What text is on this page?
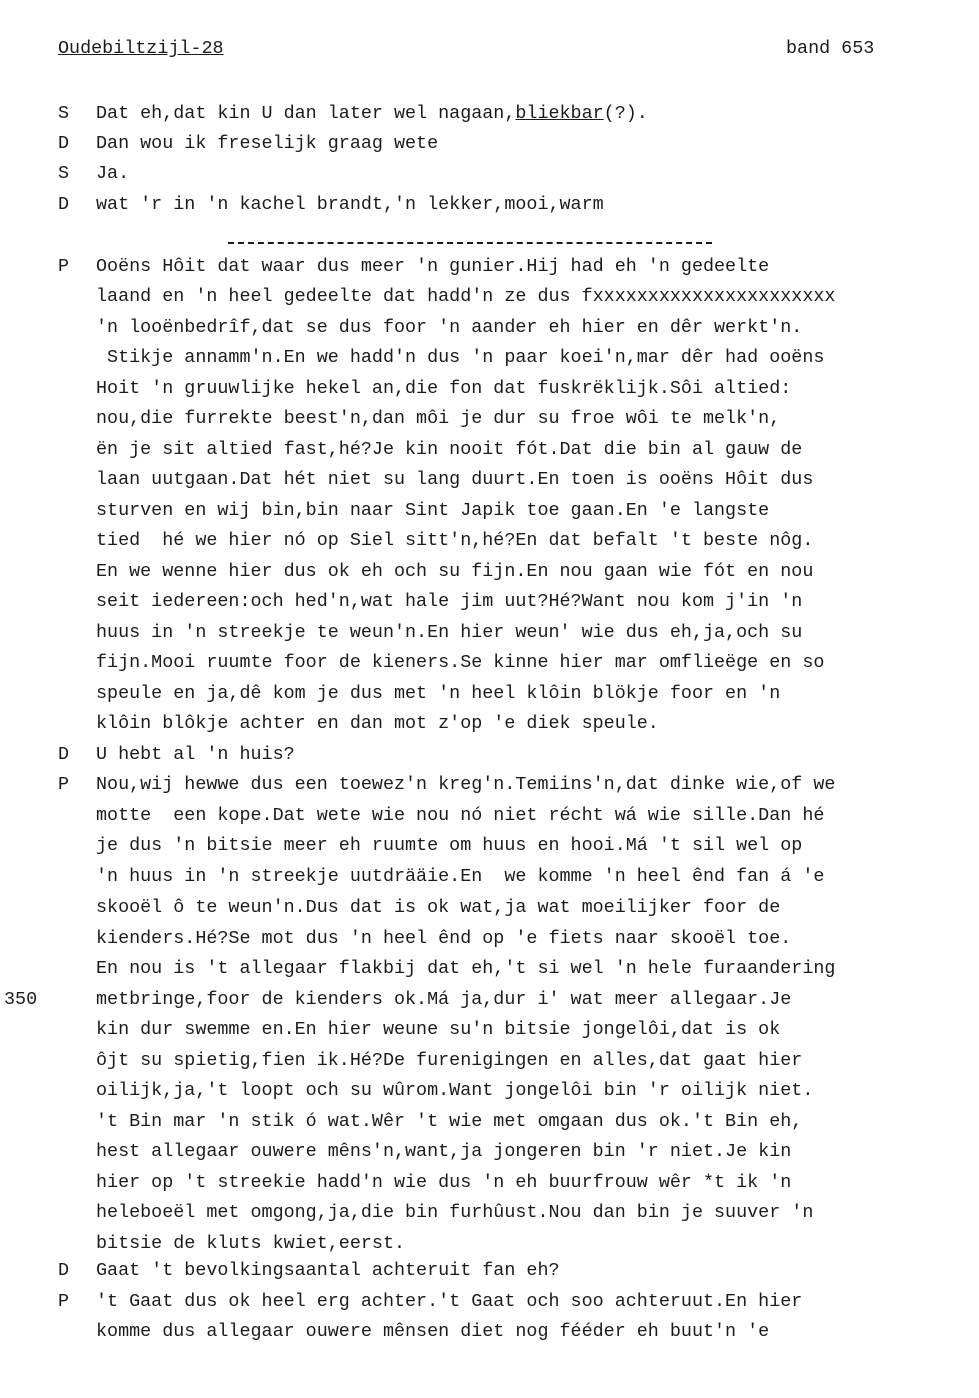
Oudebiltzijl-28	band 653
S Dat eh,dat kin U dan later wel nagaan,bliekbar(?).
D Dan wou ik freselijk graag wete
S Ja.
D wat 'r in 'n kachel brandt,'n lekker,mooi,warm
P Ooëns Hôit dat waar dus meer 'n gunier.Hij had eh 'n gedeelte
laand en 'n heel gedeelte dat hadd'n ze dus fxxxxxxxxxxxxxxxxxxxxxx
'n looënbedrîf,dat se dus foor 'n aander eh hier en dêr werkt'n.
Stikje annamm'n.En we hadd'n dus 'n paar koei'n,mar dêr had ooëns
Hoit 'n gruuwlijke hekel an,die fon dat fuskrëklijk.Sôi altied:
nou,die furrekte beest'n,dan môi je dur su froe wôi te melk'n,
ën je sit altied fast,hé?Je kin nooit fót.Dat die bin al gauw de
laan uutgaan.Dat hét niet su lang duurt.En toen is ooëns Hôit dus
sturven en wij bin,bin naar Sint Japik toe gaan.En 'e langste
tied  hé we hier nó op Siel sitt'n,hé?En dat befalt 't beste nôg.
En we wenne hier dus ok eh och su fijn.En nou gaan wie fót en nou
seit iedereen:och hed'n,wat hale jim uut?Hé?Want nou kom j'in 'n
huus in 'n streekje te weun'n.En hier weun' wie dus eh,ja,och su
fijn.Mooi ruumte foor de kieners.Se kinne hier mar omflieëge en so
speule en ja,dê kom je dus met 'n heel klôin blökje foor en 'n
klôin blôkje achter en dan mot z'op 'e diek speule.
D U hebt al 'n huis?
P Nou,wij hewwe dus een toewez'n kreg'n.Temiins'n,dat dinke wie,of we
motte  een kope.Dat wete wie nou nó niet récht wá wie sille.Dan hé
je dus 'n bitsie meer eh ruumte om huus en hooi.Má 't sil wel op
'n huus in 'n streekje uutdrääie.En  we komme 'n heel ênd fan á 'e
skooël ô te weun'n.Dus dat is ok wat,ja wat moeilijker foor de
kienders.Hé?Se mot dus 'n heel ênd op 'e fiets naar skooël toe.
En nou is 't allegaar flakbij dat eh,'t si wel 'n hele furaandering
350	metbringe,foor de kienders ok.Má ja,dur i' wat meer allegaar.Je
kin dur swemme en.En hier weune su'n bitsie jongelôi,dat is ok
ôjt su spietig,fien ik.Hé?De furenigingen en alles,dat gaat hier
oilijk,ja,'t loopt och su wûrom.Want jongelôi bin 'r oilijk niet.
't Bin mar 'n stik ó wat.Wêr 't wie met omgaan dus ok.'t Bin eh,
hest allegaar ouwere mêns'n,want,ja jongeren bin 'r niet.Je kin
hier op 't streekie hadd'n wie dus 'n eh buurfrouw wêr *t ik 'n
heleboeël met omgong,ja,die bin furhûust.Nou dan bin je suuver 'n
bitsie de kluts kwiet,eerst.
D Gaat 't bevolkingsaantal achteruit fan eh?
P 't Gaat dus ok heel erg achter.'t Gaat och soo achteruut.En hier
komme dus allegaar ouwere mênsen diet nog fééder eh buut'n 'e
